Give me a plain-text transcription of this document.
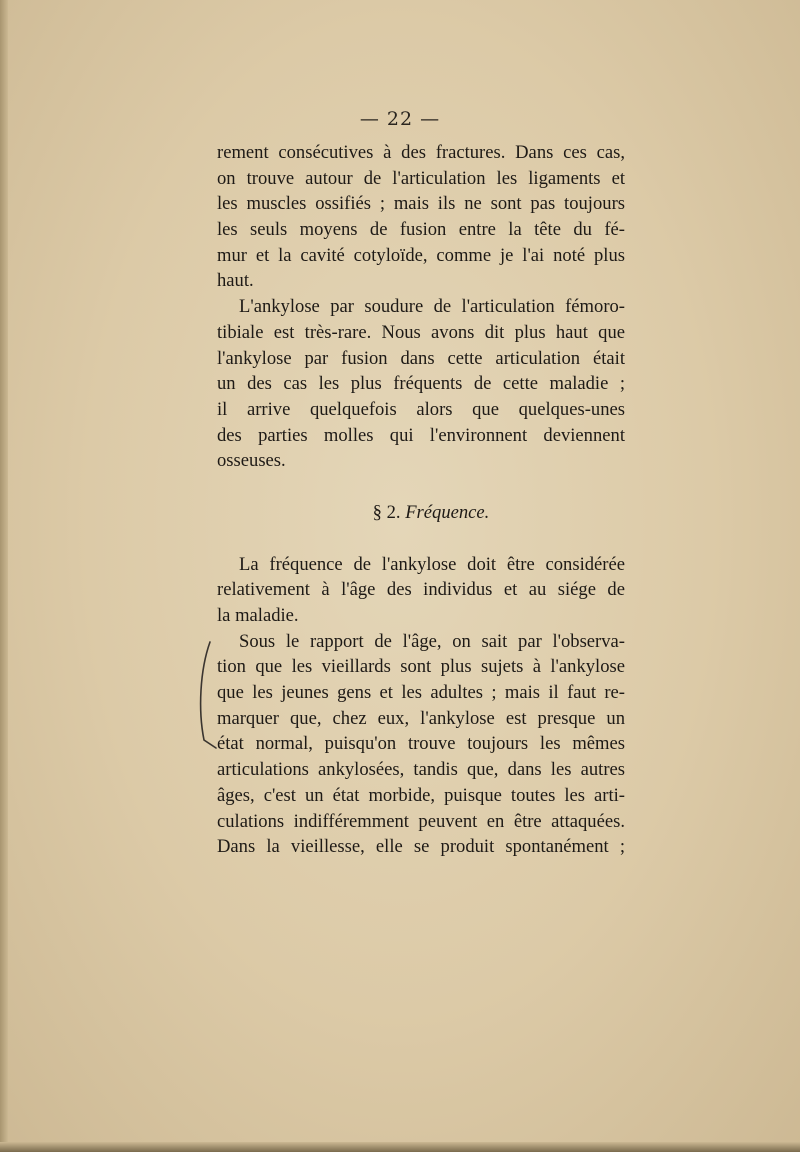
— 22 —
rement consécutives à des fractures. Dans ces cas,
on trouve autour de l'articulation les ligaments et
les muscles ossifiés ; mais ils ne sont pas toujours
les seuls moyens de fusion entre la tête du fé-
mur et la cavité cotyloïde, comme je l'ai noté plus
haut.
L'ankylose par soudure de l'articulation fémoro-
tibiale est très-rare. Nous avons dit plus haut que
l'ankylose par fusion dans cette articulation était
un des cas les plus fréquents de cette maladie ;
il arrive quelquefois alors que quelques-unes
des parties molles qui l'environnent deviennent
osseuses.
§ 2. Fréquence.
La fréquence de l'ankylose doit être considérée
relativement à l'âge des individus et au siége de
la maladie.
Sous le rapport de l'âge, on sait par l'observa-
tion que les vieillards sont plus sujets à l'ankylose
que les jeunes gens et les adultes ; mais il faut re-
marquer que, chez eux, l'ankylose est presque un
état normal, puisqu'on trouve toujours les mêmes
articulations ankylosées, tandis que, dans les autres
âges, c'est un état morbide, puisque toutes les arti-
culations indifféremment peuvent en être attaquées.
Dans la vieillesse, elle se produit spontanément ;
